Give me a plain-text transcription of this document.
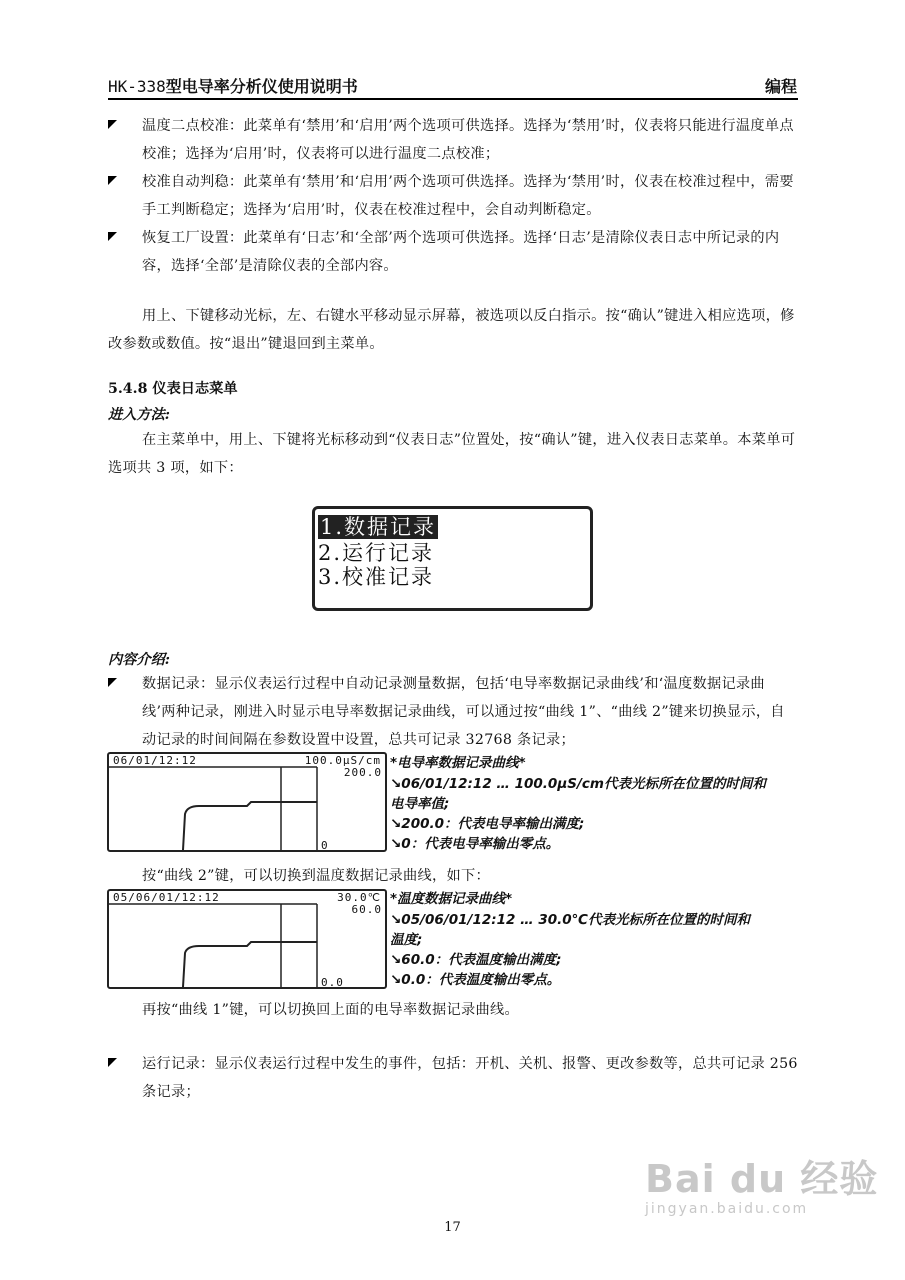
HK-338型电导率分析仪使用说明书	编程
温度二点校准：此菜单有‘禁用’和‘启用’两个选项可供选择。选择为‘禁用’时，仪表将只能进行温度单点校准；选择为‘启用’时，仪表将可以进行温度二点校准；
校准自动判稳：此菜单有‘禁用’和‘启用’两个选项可供选择。选择为‘禁用’时，仪表在校准过程中，需要手工判断稳定；选择为‘启用’时，仪表在校准过程中，会自动判断稳定。
恢复工厂设置：此菜单有‘日志’和‘全部’两个选项可供选择。选择‘日志’是清除仪表日志中所记录的内容，选择‘全部’是清除仪表的全部内容。
用上、下键移动光标，左、右键水平移动显示屏幕，被选项以反白指示。按“确认”键进入相应选项，修改参数或数值。按“退出”键退回到主菜单。
5.4.8 仪表日志菜单
进入方法:
在主菜单中，用上、下键将光标移动到“仪表日志”位置处，按“确认”键，进入仪表日志菜单。本菜单可选项共 3 项，如下：
1.数据记录
2.运行记录
3.校准记录
内容介绍:
数据记录：显示仪表运行过程中自动记录测量数据，包括‘电导率数据记录曲线’和‘温度数据记录曲线’两种记录，刚进入时显示电导率数据记录曲线，可以通过按“曲线 1”、“曲线 2”键来切换显示，自动记录的时间间隔在参数设置中设置，总共可记录 32768 条记录；
06/01/12:12	100.0μS/cm
200.0
0
*电导率数据记录曲线*
↘06/01/12:12 … 100.0μS/cm代表光标所在位置的时间和
电导率值;
↘200.0：代表电导率输出满度;
↘0：代表电导率输出零点。
按“曲线 2”键，可以切换到温度数据记录曲线，如下：
05/06/01/12:12	30.0℃
60.0
0.0
*温度数据记录曲线*
↘05/06/01/12:12 … 30.0℃代表光标所在位置的时间和
温度;
↘60.0：代表温度输出满度;
↘0.0：代表温度输出零点。
再按“曲线 1”键，可以切换回上面的电导率数据记录曲线。
运行记录：显示仪表运行过程中发生的事件，包括：开机、关机、报警、更改参数等，总共可记录 256 条记录；
Bai du 经验
jingyan.baidu.com
17
